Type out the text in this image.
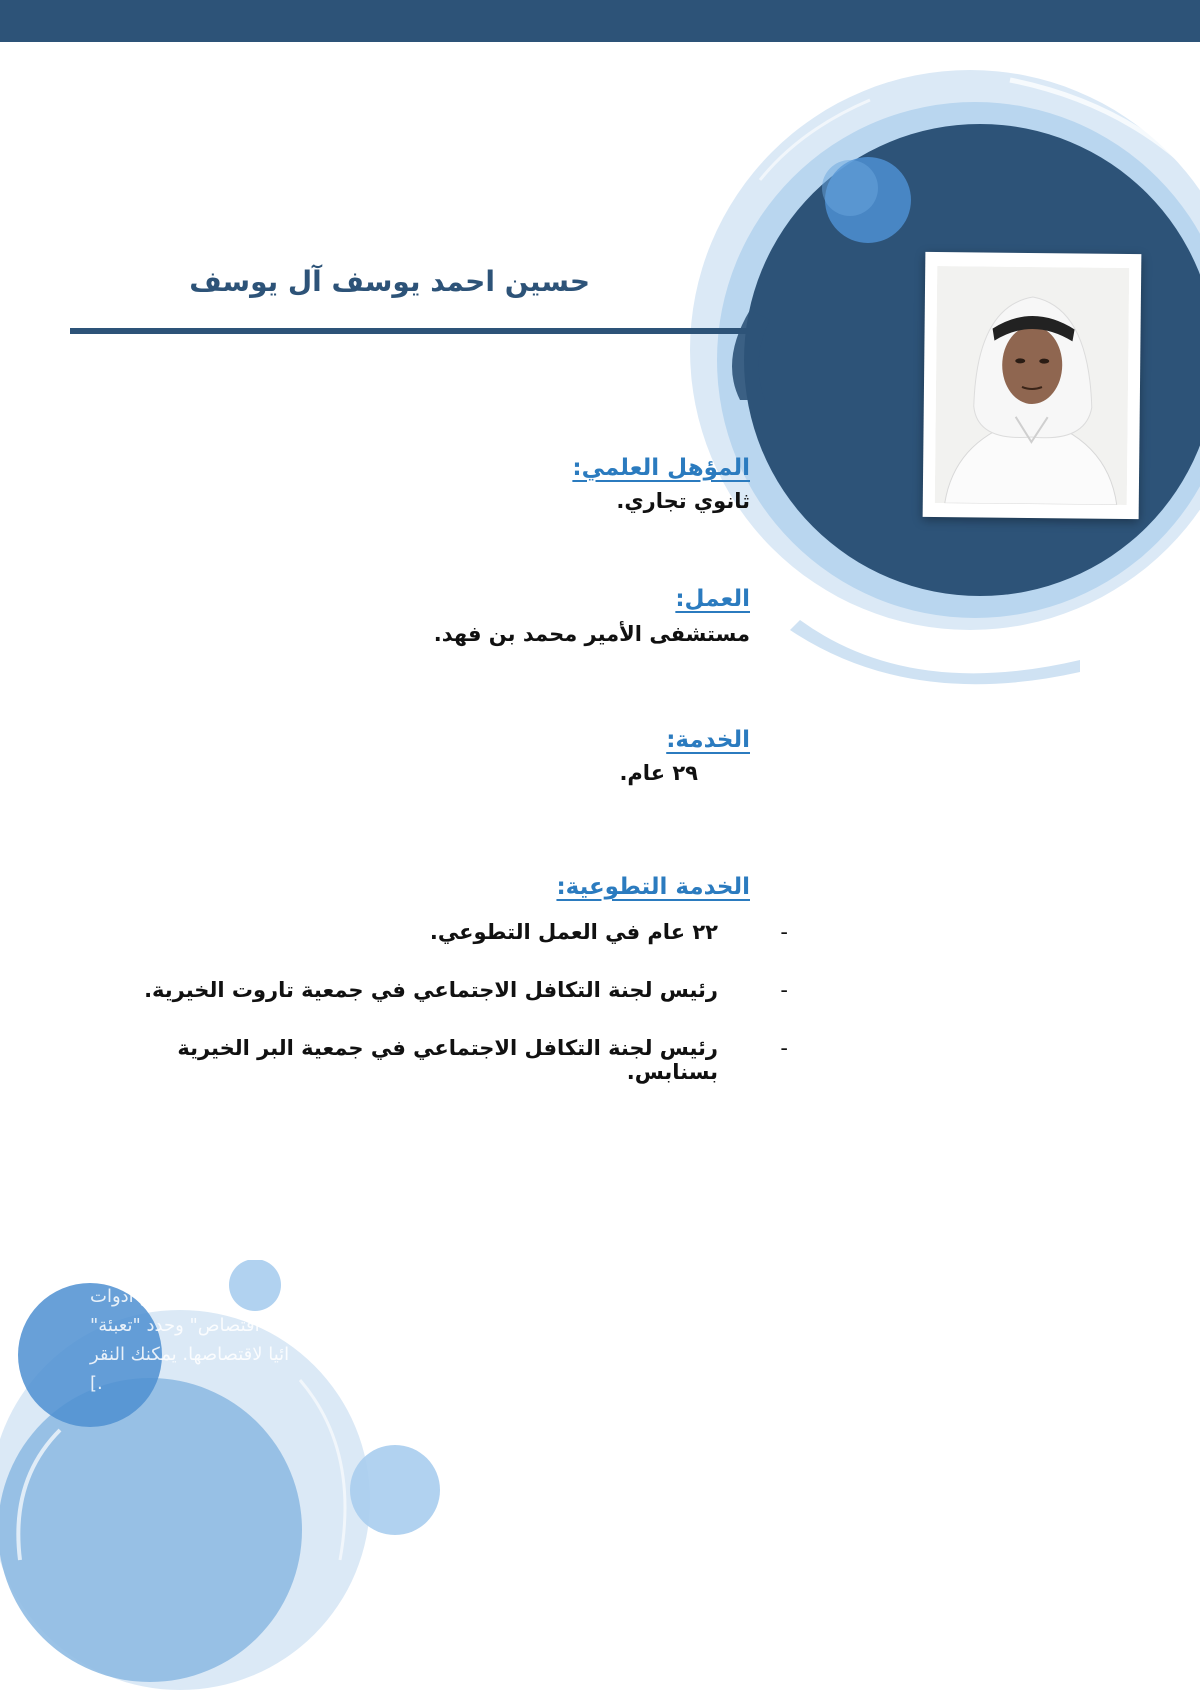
حسين احمد يوسف آل يوسف
المؤهل العلمي:
ثانوي تجاري.
العمل:
مستشفى الأمير محمد بن فهد.
الخدمة:
٢٩ عام.
الخدمة التطوعية:
-
٢٢ عام في العمل التطوعي.
-
رئيس لجنة التكافل الاجتماعي في جمعية تاروت الخيرية.
-
رئيس لجنة التكافل الاجتماعي في جمعية البر الخيرية بسنابس.
قائمة تنسيق أدوات
اقتصاص" وحدد "تعبئة"
ائيا لاقتصاصها. يمكنك النقر
.]
